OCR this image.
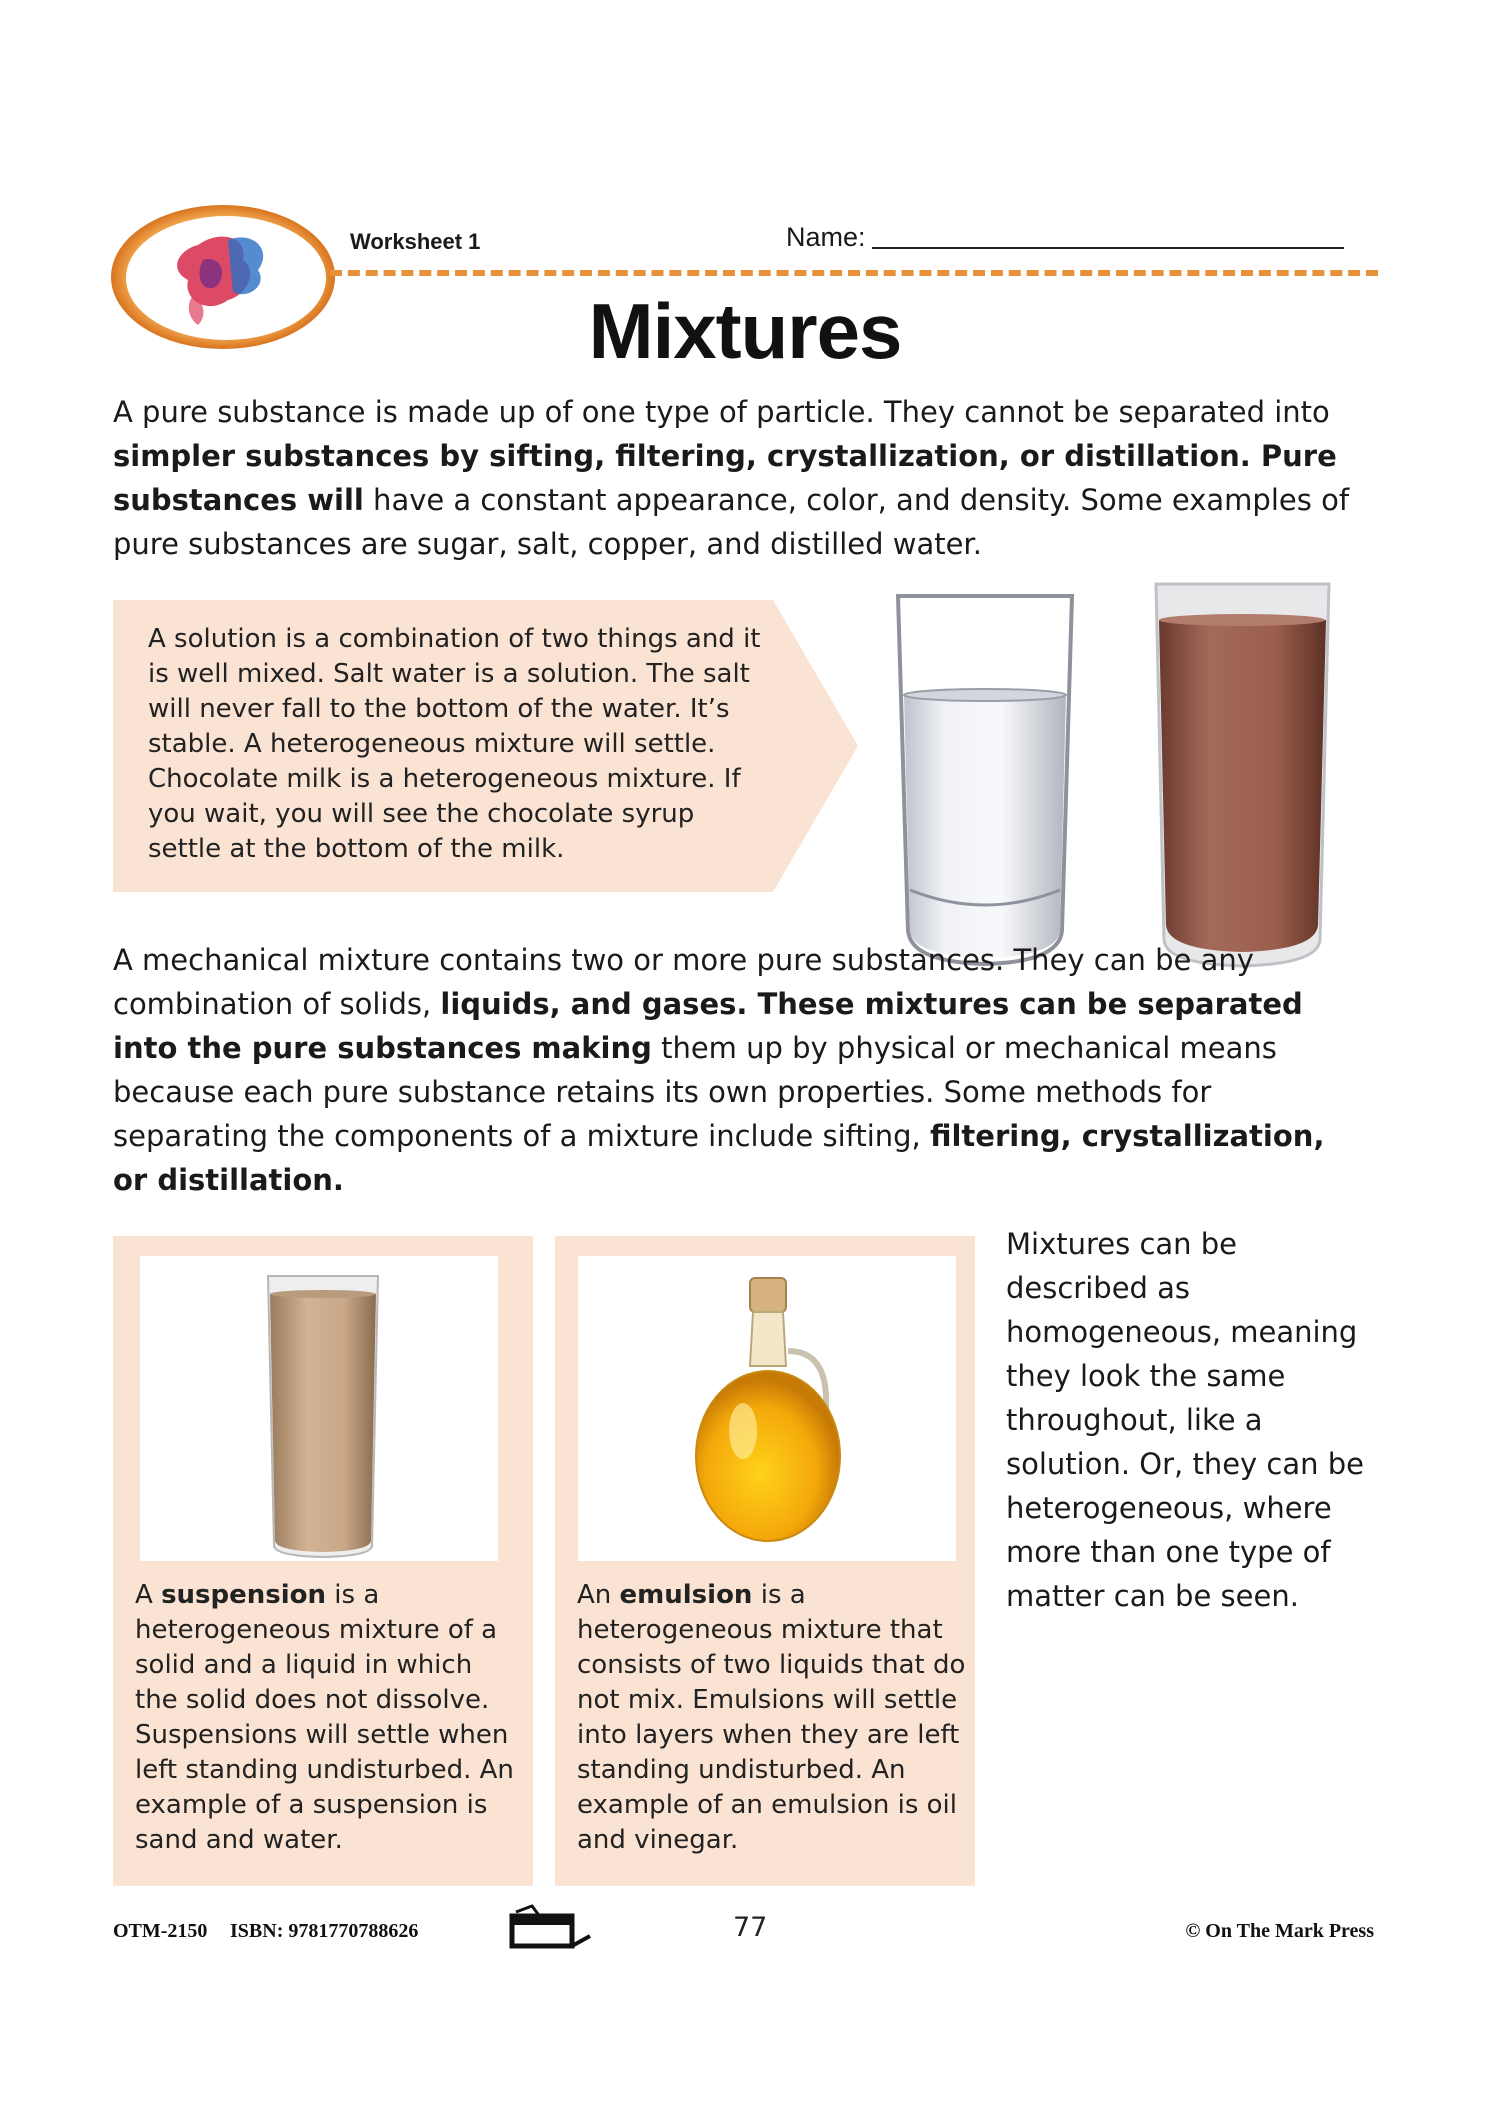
Worksheet 1	Name:
Mixtures
A pure substance is made up of one type of particle. They cannot be separated into simpler substances by sifting, filtering, crystallization, or distillation. Pure substances will have a constant appearance, color, and density. Some examples of pure substances are sugar, salt, copper, and distilled water.
A solution is a combination of two things and it is well mixed. Salt water is a solution. The salt will never fall to the bottom of the water. It’s stable. A heterogeneous mixture will settle. Chocolate milk is a heterogeneous mixture. If you wait, you will see the chocolate syrup settle at the bottom of the milk.
A mechanical mixture contains two or more pure substances. They can be any combination of solids, liquids, and gases. These mixtures can be separated into the pure substances making them up by physical or mechanical means because each pure substance retains its own properties. Some methods for separating the components of a mixture include sifting, filtering, crystallization, or distillation.
A suspension is a heterogeneous mixture of a solid and a liquid in which the solid does not dissolve. Suspensions will settle when left standing undisturbed. An example of a suspension is sand and water.
An emulsion is a heterogeneous mixture that consists of two liquids that do not mix. Emulsions will settle into layers when they are left standing undisturbed. An example of an emulsion is oil and vinegar.
Mixtures can be described as homogeneous, meaning they look the same throughout, like a solution. Or, they can be heterogeneous, where more than one type of matter can be seen.
OTM-2150 ISBN: 9781770788626	77	© On The Mark Press
